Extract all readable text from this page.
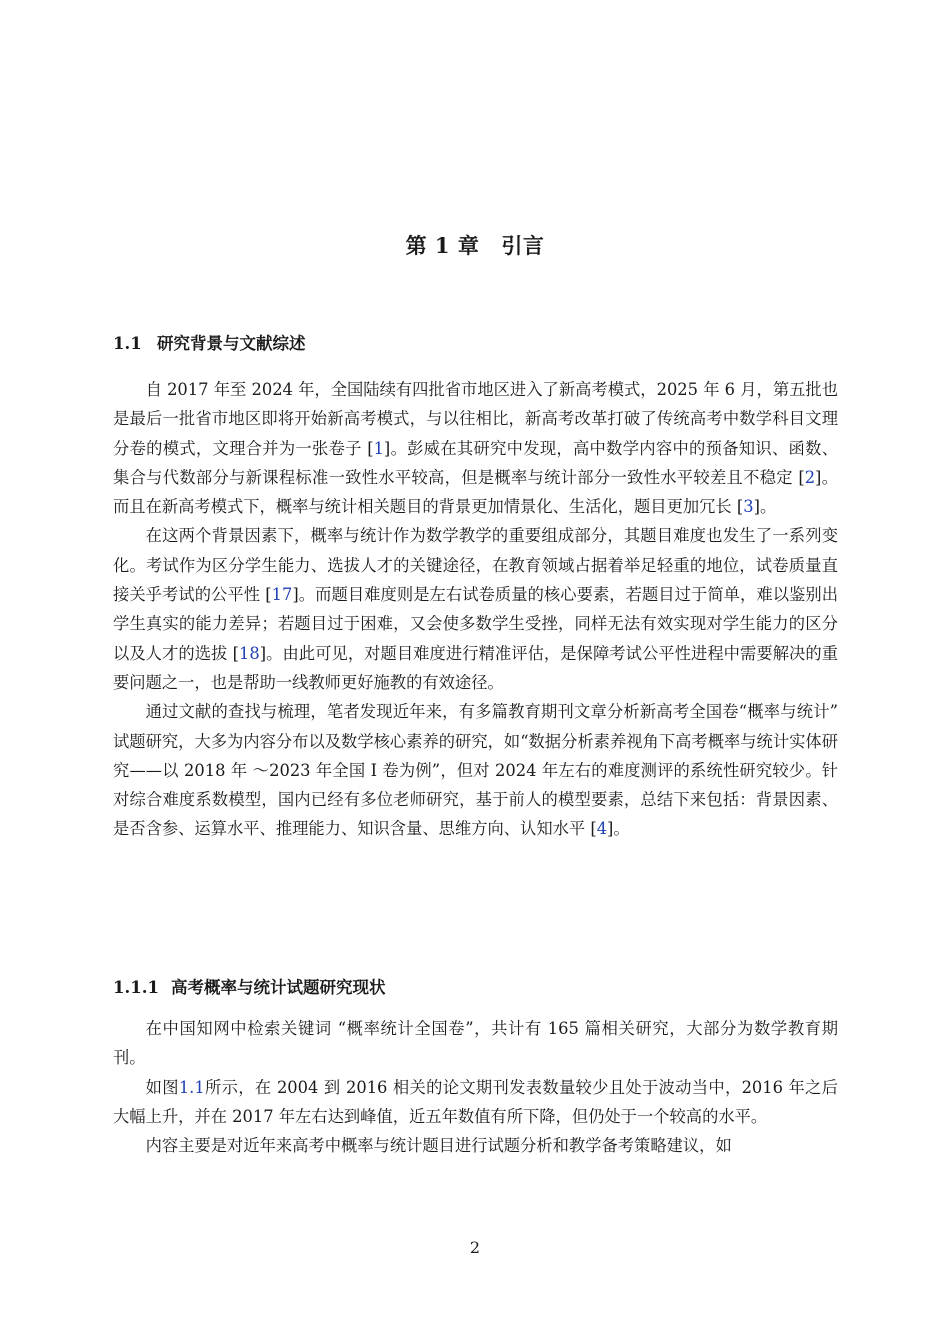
第 1 章 引言
1.1 研究背景与文献综述

自 2017 年至 2024 年，全国陆续有四批省市地区进入了新高考模式，2025 年 6 月，第五批也是最后一批省市地区即将开始新高考模式，与以往相比，新高考改革打破了传统高考中数学科目文理分卷的模式，文理合并为一张卷子 [1]。彭威在其研究中发现，高中数学内容中的预备知识、函数、集合与代数部分与新课程标准一致性水平较高，但是概率与统计部分一致性水平较差且不稳定 [2]。而且在新高考模式下，概率与统计相关题目的背景更加情景化、生活化，题目更加冗长 [3]。

在这两个背景因素下，概率与统计作为数学教学的重要组成部分，其题目难度也发生了一系列变化。考试作为区分学生能力、选拔人才的关键途径，在教育领域占据着举足轻重的地位，试卷质量直接关乎考试的公平性 [17]。而题目难度则是左右试卷质量的核心要素，若题目过于简单，难以鉴别出学生真实的能力差异；若题目过于困难，又会使多数学生受挫，同样无法有效实现对学生能力的区分以及人才的选拔 [18]。由此可见，对题目难度进行精准评估，是保障考试公平性进程中需要解决的重要问题之一，也是帮助一线教师更好施教的有效途径。

通过文献的查找与梳理，笔者发现近年来，有多篇教育期刊文章分析新高考全国卷“概率与统计” 试题研究，大多为内容分布以及数学核心素养的研究，如“数据分析素养视角下高考概率与统计实体研究——以 2018 年 ～2023 年全国 I 卷为例”，但对 2024 年左右的难度测评的系统性研究较少。针对综合难度系数模型，国内已经有多位老师研究，基于前人的模型要素，总结下来包括：背景因素、是否含参、运算水平、推理能力、知识含量、思维方向、认知水平 [4]。

1.1.1 高考概率与统计试题研究现状

在中国知网中检索关键词 “概率统计全国卷”，共计有 165 篇相关研究，大部分为数学教育期刊。

如图1.1所示，在 2004 到 2016 相关的论文期刊发表数量较少且处于波动当中，2016 年之后大幅上升，并在 2017 年左右达到峰值，近五年数值有所下降，但仍处于一个较高的水平。

内容主要是对近年来高考中概率与统计题目进行试题分析和教学备考策略建议，如

2
